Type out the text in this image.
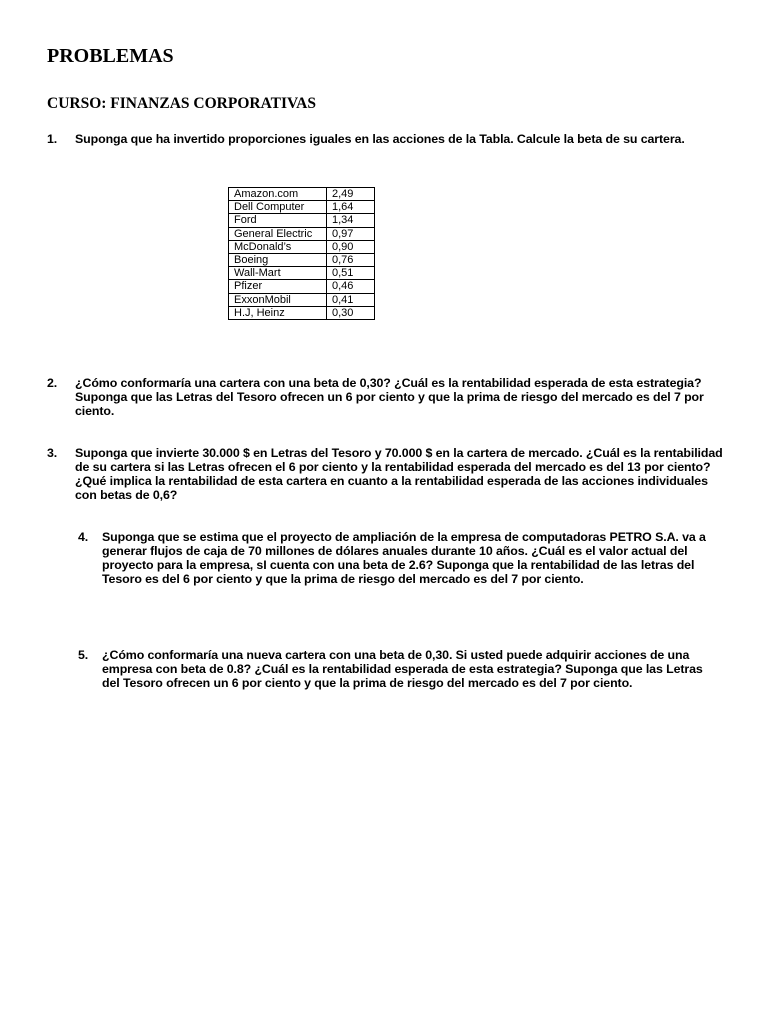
PROBLEMAS
CURSO: FINANZAS CORPORATIVAS
1. Suponga que ha invertido proporciones iguales en las acciones de la Tabla. Calcule la beta de su cartera.
Amazon.com	2,49
Dell Computer	1,64
Ford	1,34
General Electric	0,97
McDonald’s	0,90
Boeing	0,76
Wall-Mart	0,51
Pfizer	0,46
ExxonMobil	0,41
H.J, Heinz	0,30
2. ¿Cómo conformaría una cartera con una beta de 0,30? ¿Cuál es la rentabilidad esperada de esta estrategia? Suponga que las Letras del Tesoro ofrecen un 6 por ciento y que la prima de riesgo del mercado es del 7 por ciento.
3. Suponga que invierte 30.000 $ en Letras del Tesoro y 70.000 $ en la cartera de mercado. ¿Cuál es la rentabilidad de su cartera si las Letras ofrecen el 6 por ciento y la rentabilidad esperada del mercado es del 13 por ciento? ¿Qué implica la rentabilidad de esta cartera en cuanto a la rentabilidad esperada de las acciones individuales con betas de 0,6?
4. Suponga que se estima que el proyecto de ampliación de la empresa de computadoras PETRO S.A. va a generar flujos de caja de 70 millones de dólares anuales durante 10 años. ¿Cuál es el valor actual del proyecto para la empresa, sI cuenta con una beta de 2.6? Suponga que la rentabilidad de las letras del Tesoro es del 6 por ciento y que la prima de riesgo del mercado es del 7 por ciento.
5. ¿Cómo conformaría una nueva cartera con una beta de 0,30. Si usted puede adquirir acciones de una empresa con beta de 0.8? ¿Cuál es la rentabilidad esperada de esta estrategia? Suponga que las Letras del Tesoro ofrecen un 6 por ciento y que la prima de riesgo del mercado es del 7 por ciento.
